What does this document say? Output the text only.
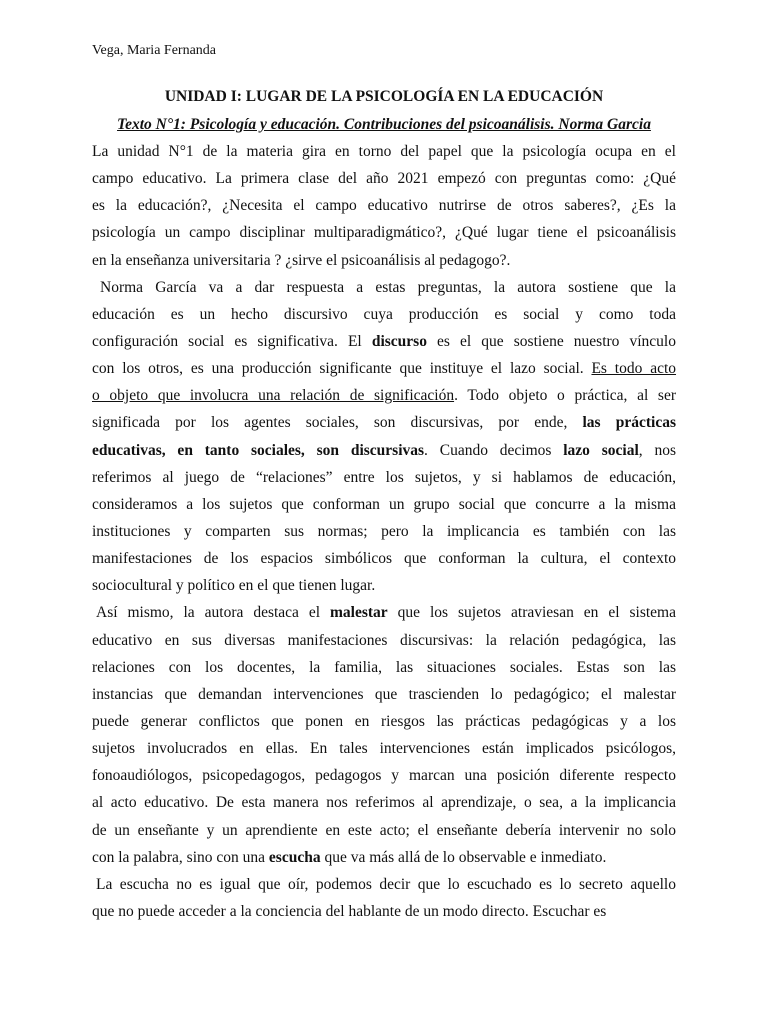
Vega, Maria Fernanda
UNIDAD I: LUGAR DE LA PSICOLOGÍA EN LA EDUCACIÓN
Texto N°1: Psicología y educación. Contribuciones del psicoanálisis. Norma Garcia
La unidad N°1 de la materia gira en torno del papel que la psicología ocupa en el
campo educativo. La primera clase del año 2021 empezó con preguntas como: ¿Qué
es la educación?, ¿Necesita el campo educativo nutrirse de otros saberes?, ¿Es la
psicología un campo disciplinar multiparadigmático?, ¿Qué lugar tiene el psicoanálisis
en la enseñanza universitaria ? ¿sirve el psicoanálisis al pedagogo?.
Norma García va a dar respuesta a estas preguntas, la autora sostiene que la
educación es un hecho discursivo cuya producción es social y como toda
configuración social es significativa. El discurso es el que sostiene nuestro vínculo
con los otros, es una producción significante que instituye el lazo social. Es todo acto
o objeto que involucra una relación de significación. Todo objeto o práctica, al ser
significada por los agentes sociales, son discursivas, por ende, las prácticas
educativas, en tanto sociales, son discursivas. Cuando decimos lazo social, nos
referimos al juego de “relaciones” entre los sujetos, y si hablamos de educación,
consideramos a los sujetos que conforman un grupo social que concurre a la misma
instituciones y comparten sus normas; pero la implicancia es también con las
manifestaciones de los espacios simbólicos que conforman la cultura, el contexto
sociocultural y político en el que tienen lugar.
Así mismo, la autora destaca el malestar que los sujetos atraviesan en el sistema
educativo en sus diversas manifestaciones discursivas: la relación pedagógica, las
relaciones con los docentes, la familia, las situaciones sociales. Estas son las
instancias que demandan intervenciones que trascienden lo pedagógico; el malestar
puede generar conflictos que ponen en riesgos las prácticas pedagógicas y a los
sujetos involucrados en ellas. En tales intervenciones están implicados psicólogos,
fonoaudiólogos, psicopedagogos, pedagogos y marcan una posición diferente respecto
al acto educativo. De esta manera nos referimos al aprendizaje, o sea, a la implicancia
de un enseñante y un aprendiente en este acto; el enseñante debería intervenir no solo
con la palabra, sino con una escucha que va más allá de lo observable e inmediato.
La escucha no es igual que oír, podemos decir que lo escuchado es lo secreto aquello
que no puede acceder a la conciencia del hablante de un modo directo. Escuchar es
